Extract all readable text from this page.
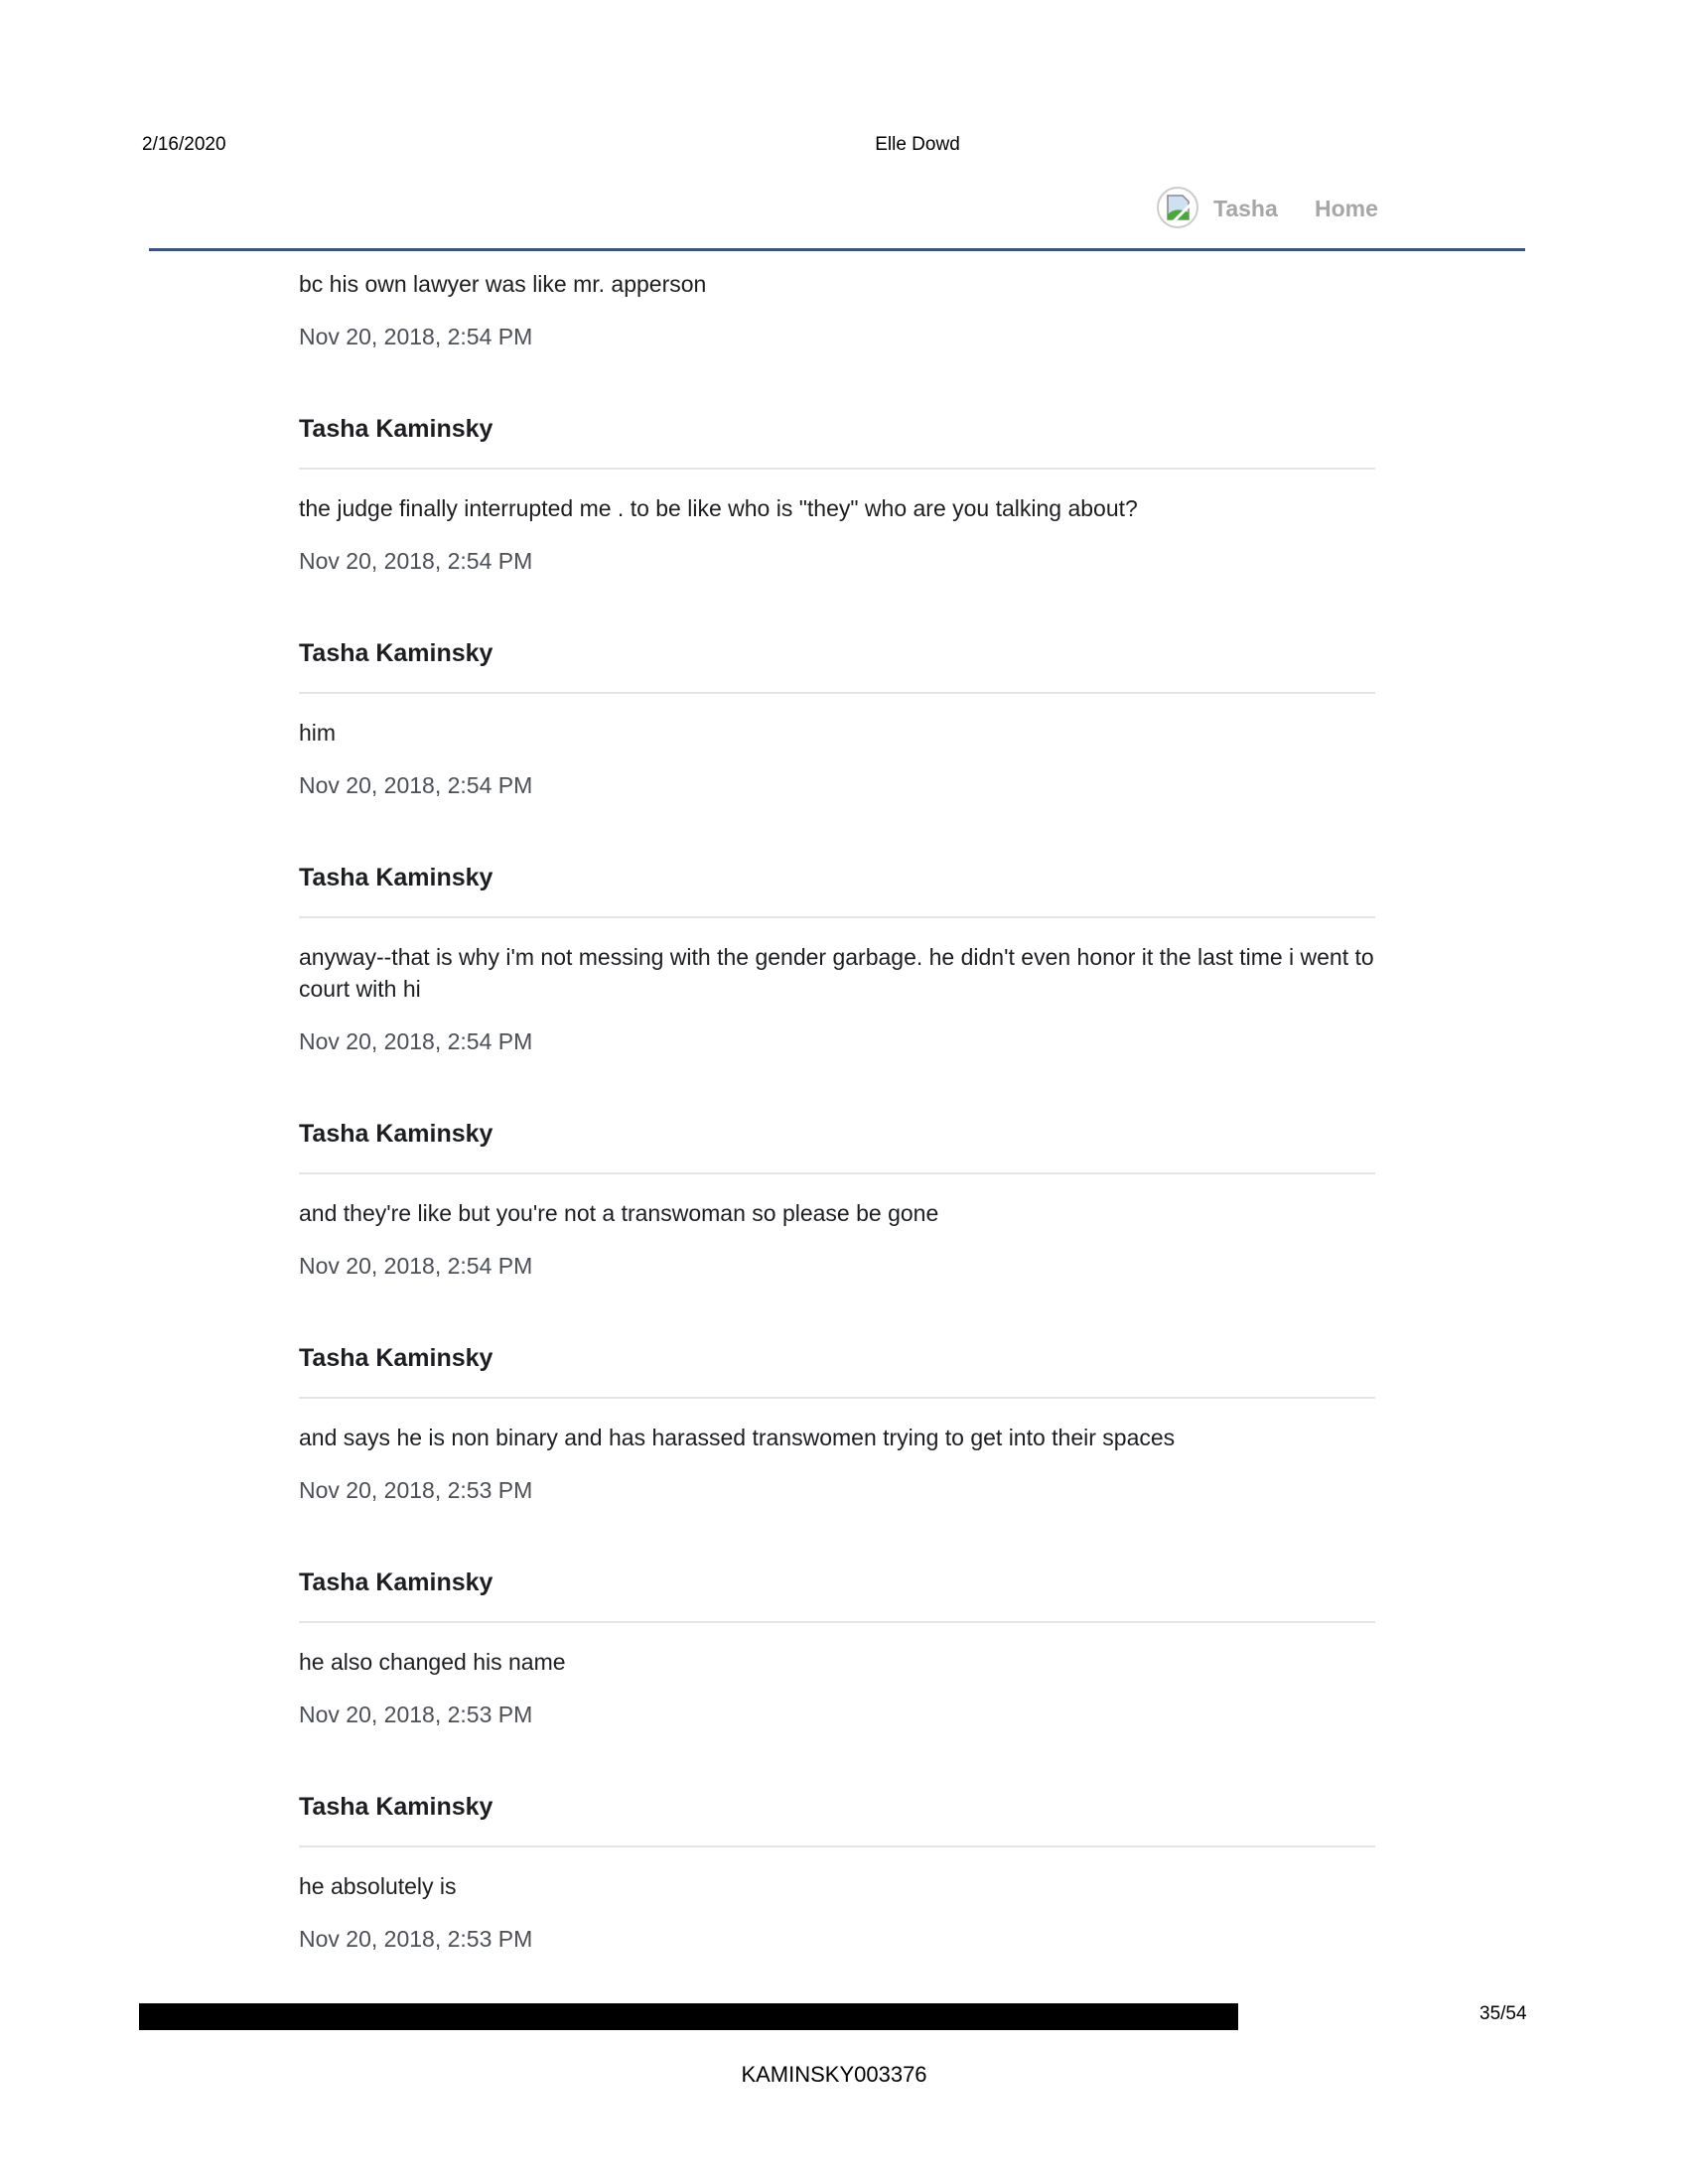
2/16/2020	Elle Dowd
Tasha Home
bc his own lawyer was like mr. apperson
Nov 20, 2018, 2:54 PM
Tasha Kaminsky
the judge finally interrupted me . to be like who is "they" who are you talking about?
Nov 20, 2018, 2:54 PM
Tasha Kaminsky
him
Nov 20, 2018, 2:54 PM
Tasha Kaminsky
anyway--that is why i'm not messing with the gender garbage. he didn't even honor it the last time i went to court with hi
Nov 20, 2018, 2:54 PM
Tasha Kaminsky
and they're like but you're not a transwoman so please be gone
Nov 20, 2018, 2:54 PM
Tasha Kaminsky
and says he is non binary and has harassed transwomen trying to get into their spaces
Nov 20, 2018, 2:53 PM
Tasha Kaminsky
he also changed his name
Nov 20, 2018, 2:53 PM
Tasha Kaminsky
he absolutely is
Nov 20, 2018, 2:53 PM
35/54
KAMINSKY003376
